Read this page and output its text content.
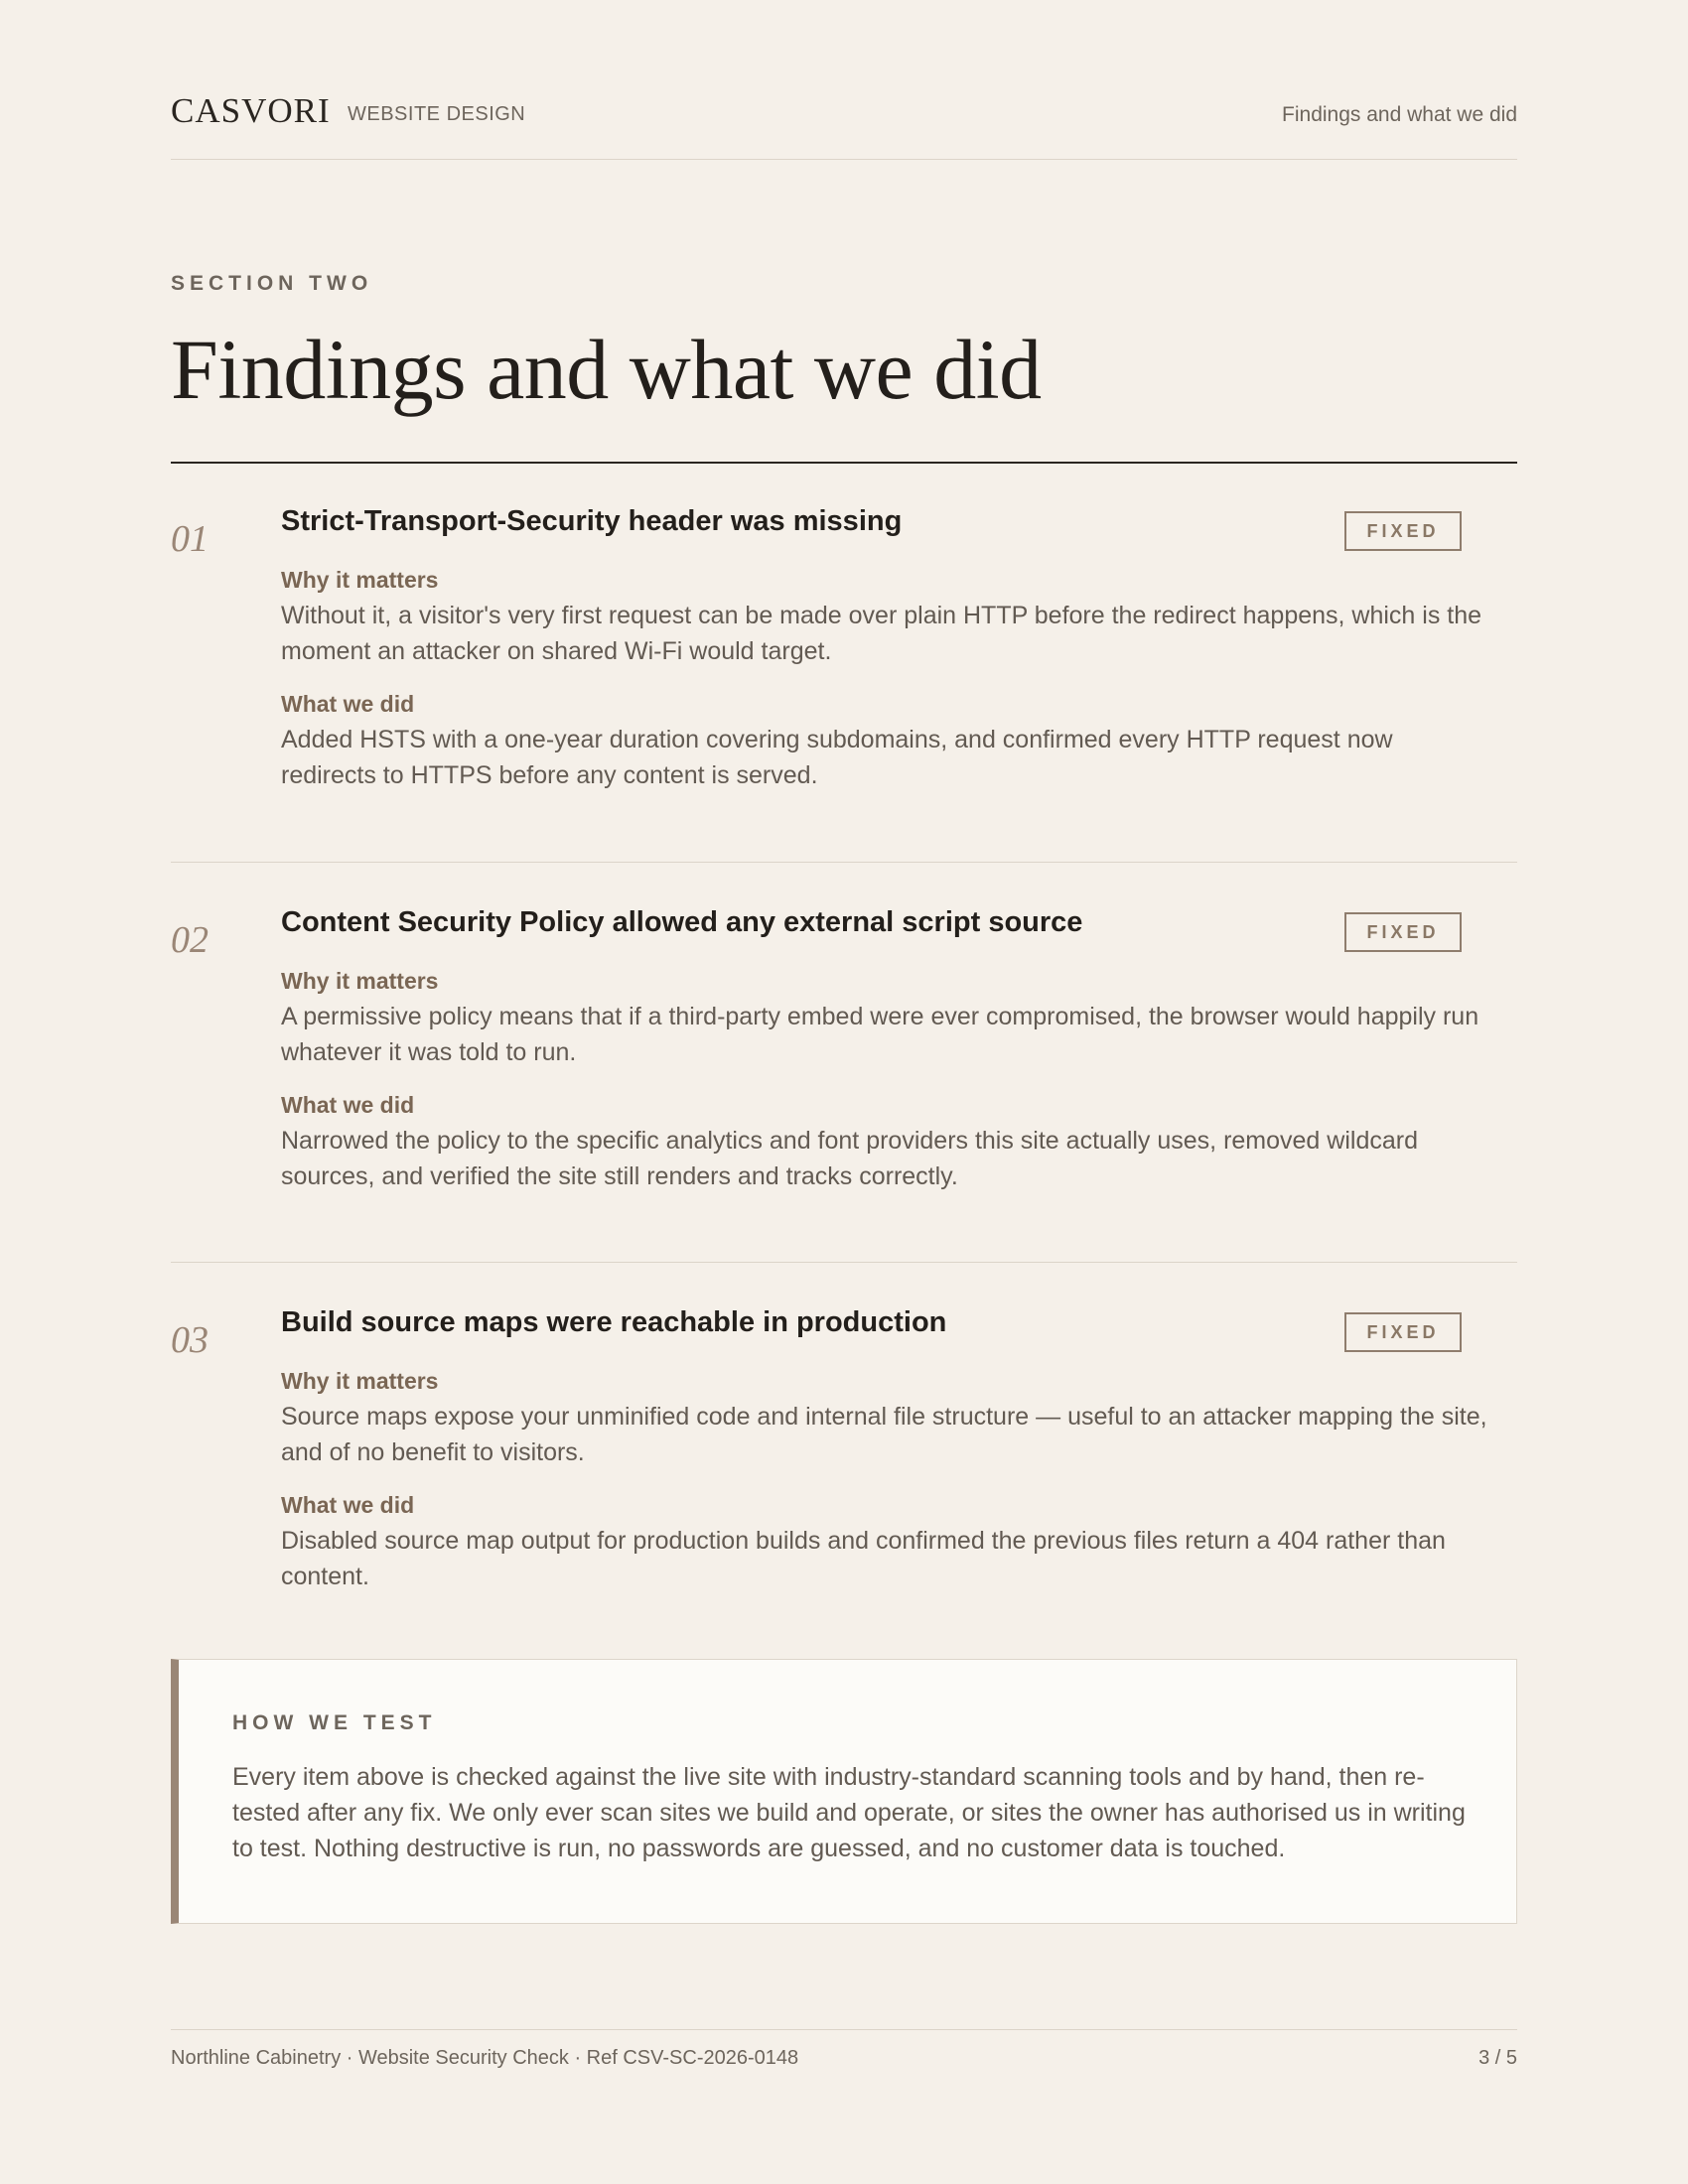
CASVORI WEBSITE DESIGN	Findings and what we did
SECTION TWO
Findings and what we did
01	Strict-Transport-Security header was missing	FIXED
Why it matters
Without it, a visitor's very first request can be made over plain HTTP before the redirect happens, which is the moment an attacker on shared Wi-Fi would target.
What we did
Added HSTS with a one-year duration covering subdomains, and confirmed every HTTP request now redirects to HTTPS before any content is served.
02	Content Security Policy allowed any external script source	FIXED
Why it matters
A permissive policy means that if a third-party embed were ever compromised, the browser would happily run whatever it was told to run.
What we did
Narrowed the policy to the specific analytics and font providers this site actually uses, removed wildcard sources, and verified the site still renders and tracks correctly.
03	Build source maps were reachable in production	FIXED
Why it matters
Source maps expose your unminified code and internal file structure — useful to an attacker mapping the site, and of no benefit to visitors.
What we did
Disabled source map output for production builds and confirmed the previous files return a 404 rather than content.
HOW WE TEST
Every item above is checked against the live site with industry-standard scanning tools and by hand, then re-tested after any fix. We only ever scan sites we build and operate, or sites the owner has authorised us in writing to test. Nothing destructive is run, no passwords are guessed, and no customer data is touched.
Northline Cabinetry · Website Security Check · Ref CSV-SC-2026-0148	3 / 5
